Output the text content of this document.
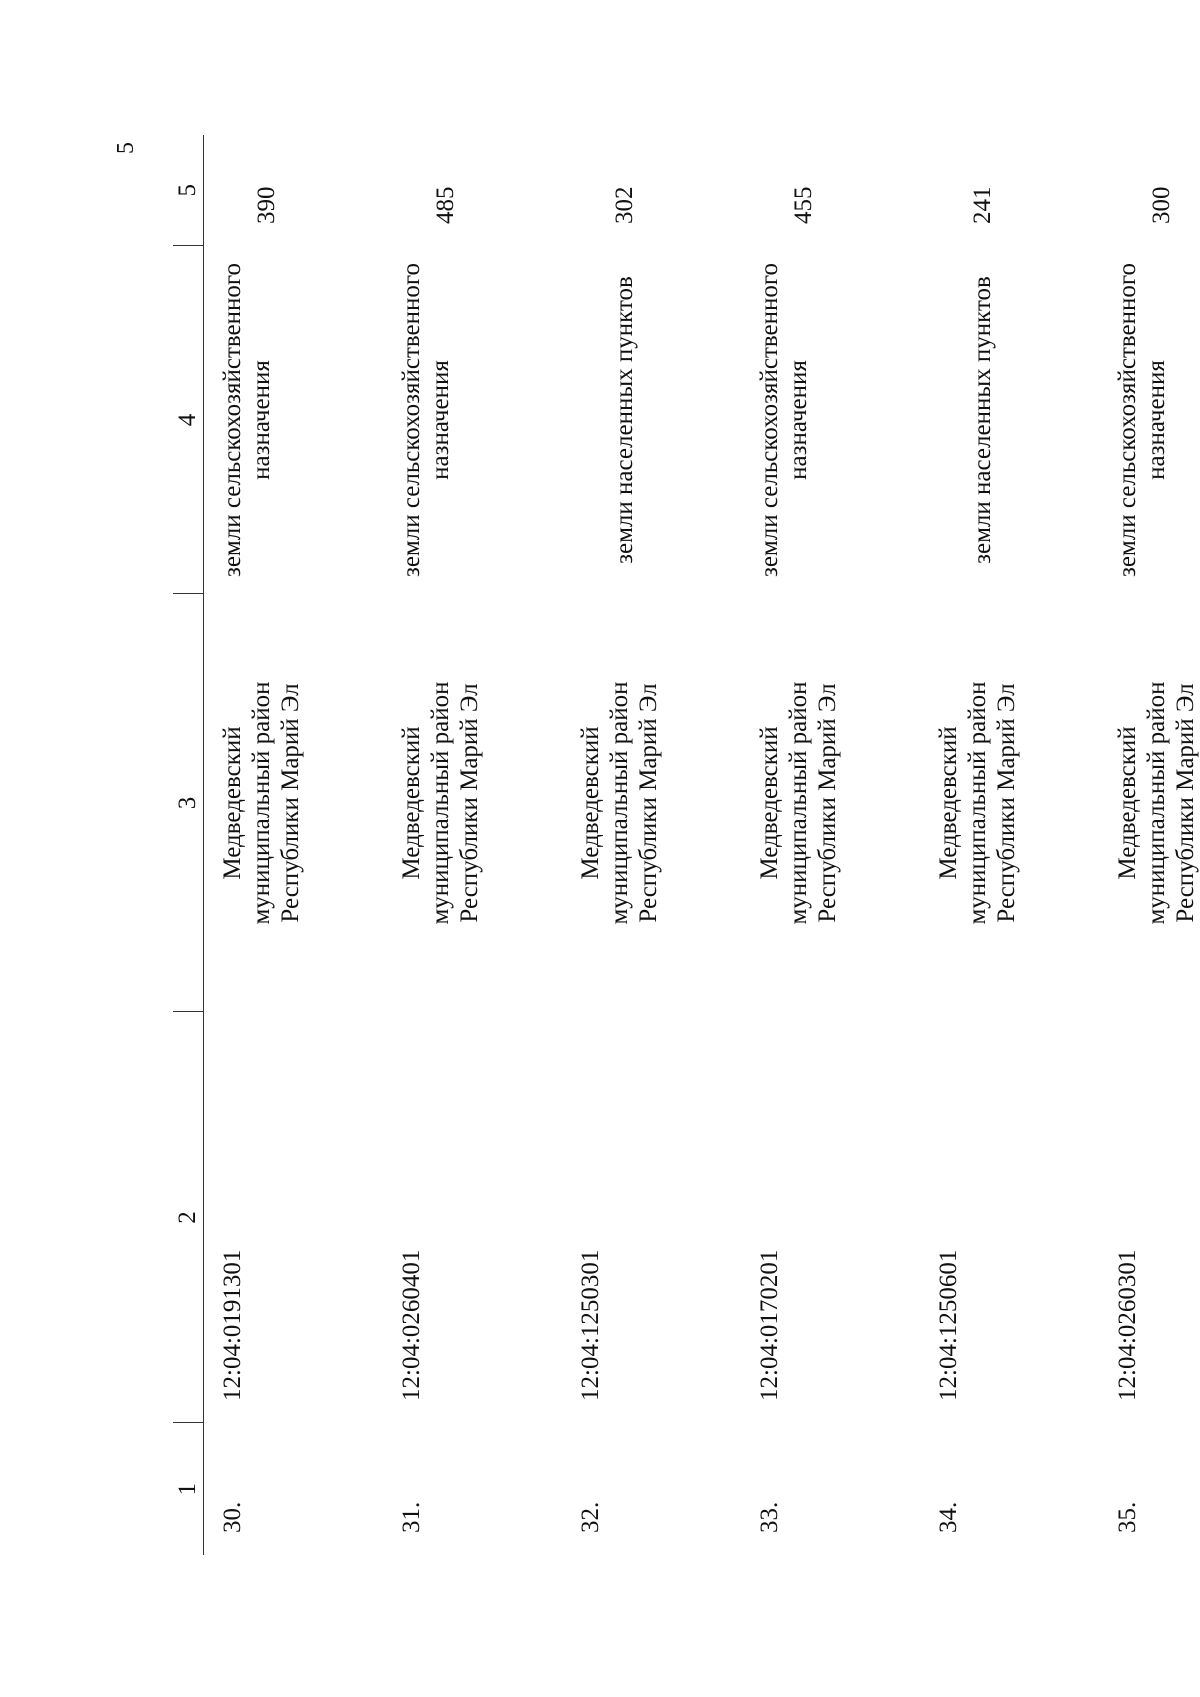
5
1	2	3	4	5
30.	12:04:0191301	Медведевский муниципальный район Республики Марий Эл	земли сельскохозяйственного назначения	390
31.	12:04:0260401	Медведевский муниципальный район Республики Марий Эл	земли сельскохозяйственного назначения	485
32.	12:04:1250301	Медведевский муниципальный район Республики Марий Эл	земли населенных пунктов	302
33.	12:04:0170201	Медведевский муниципальный район Республики Марий Эл	земли сельскохозяйственного назначения	455
34.	12:04:1250601	Медведевский муниципальный район Республики Марий Эл	земли населенных пунктов	241
35.	12:04:0260301	Медведевский муниципальный район Республики Марий Эл	земли сельскохозяйственного назначения	300
